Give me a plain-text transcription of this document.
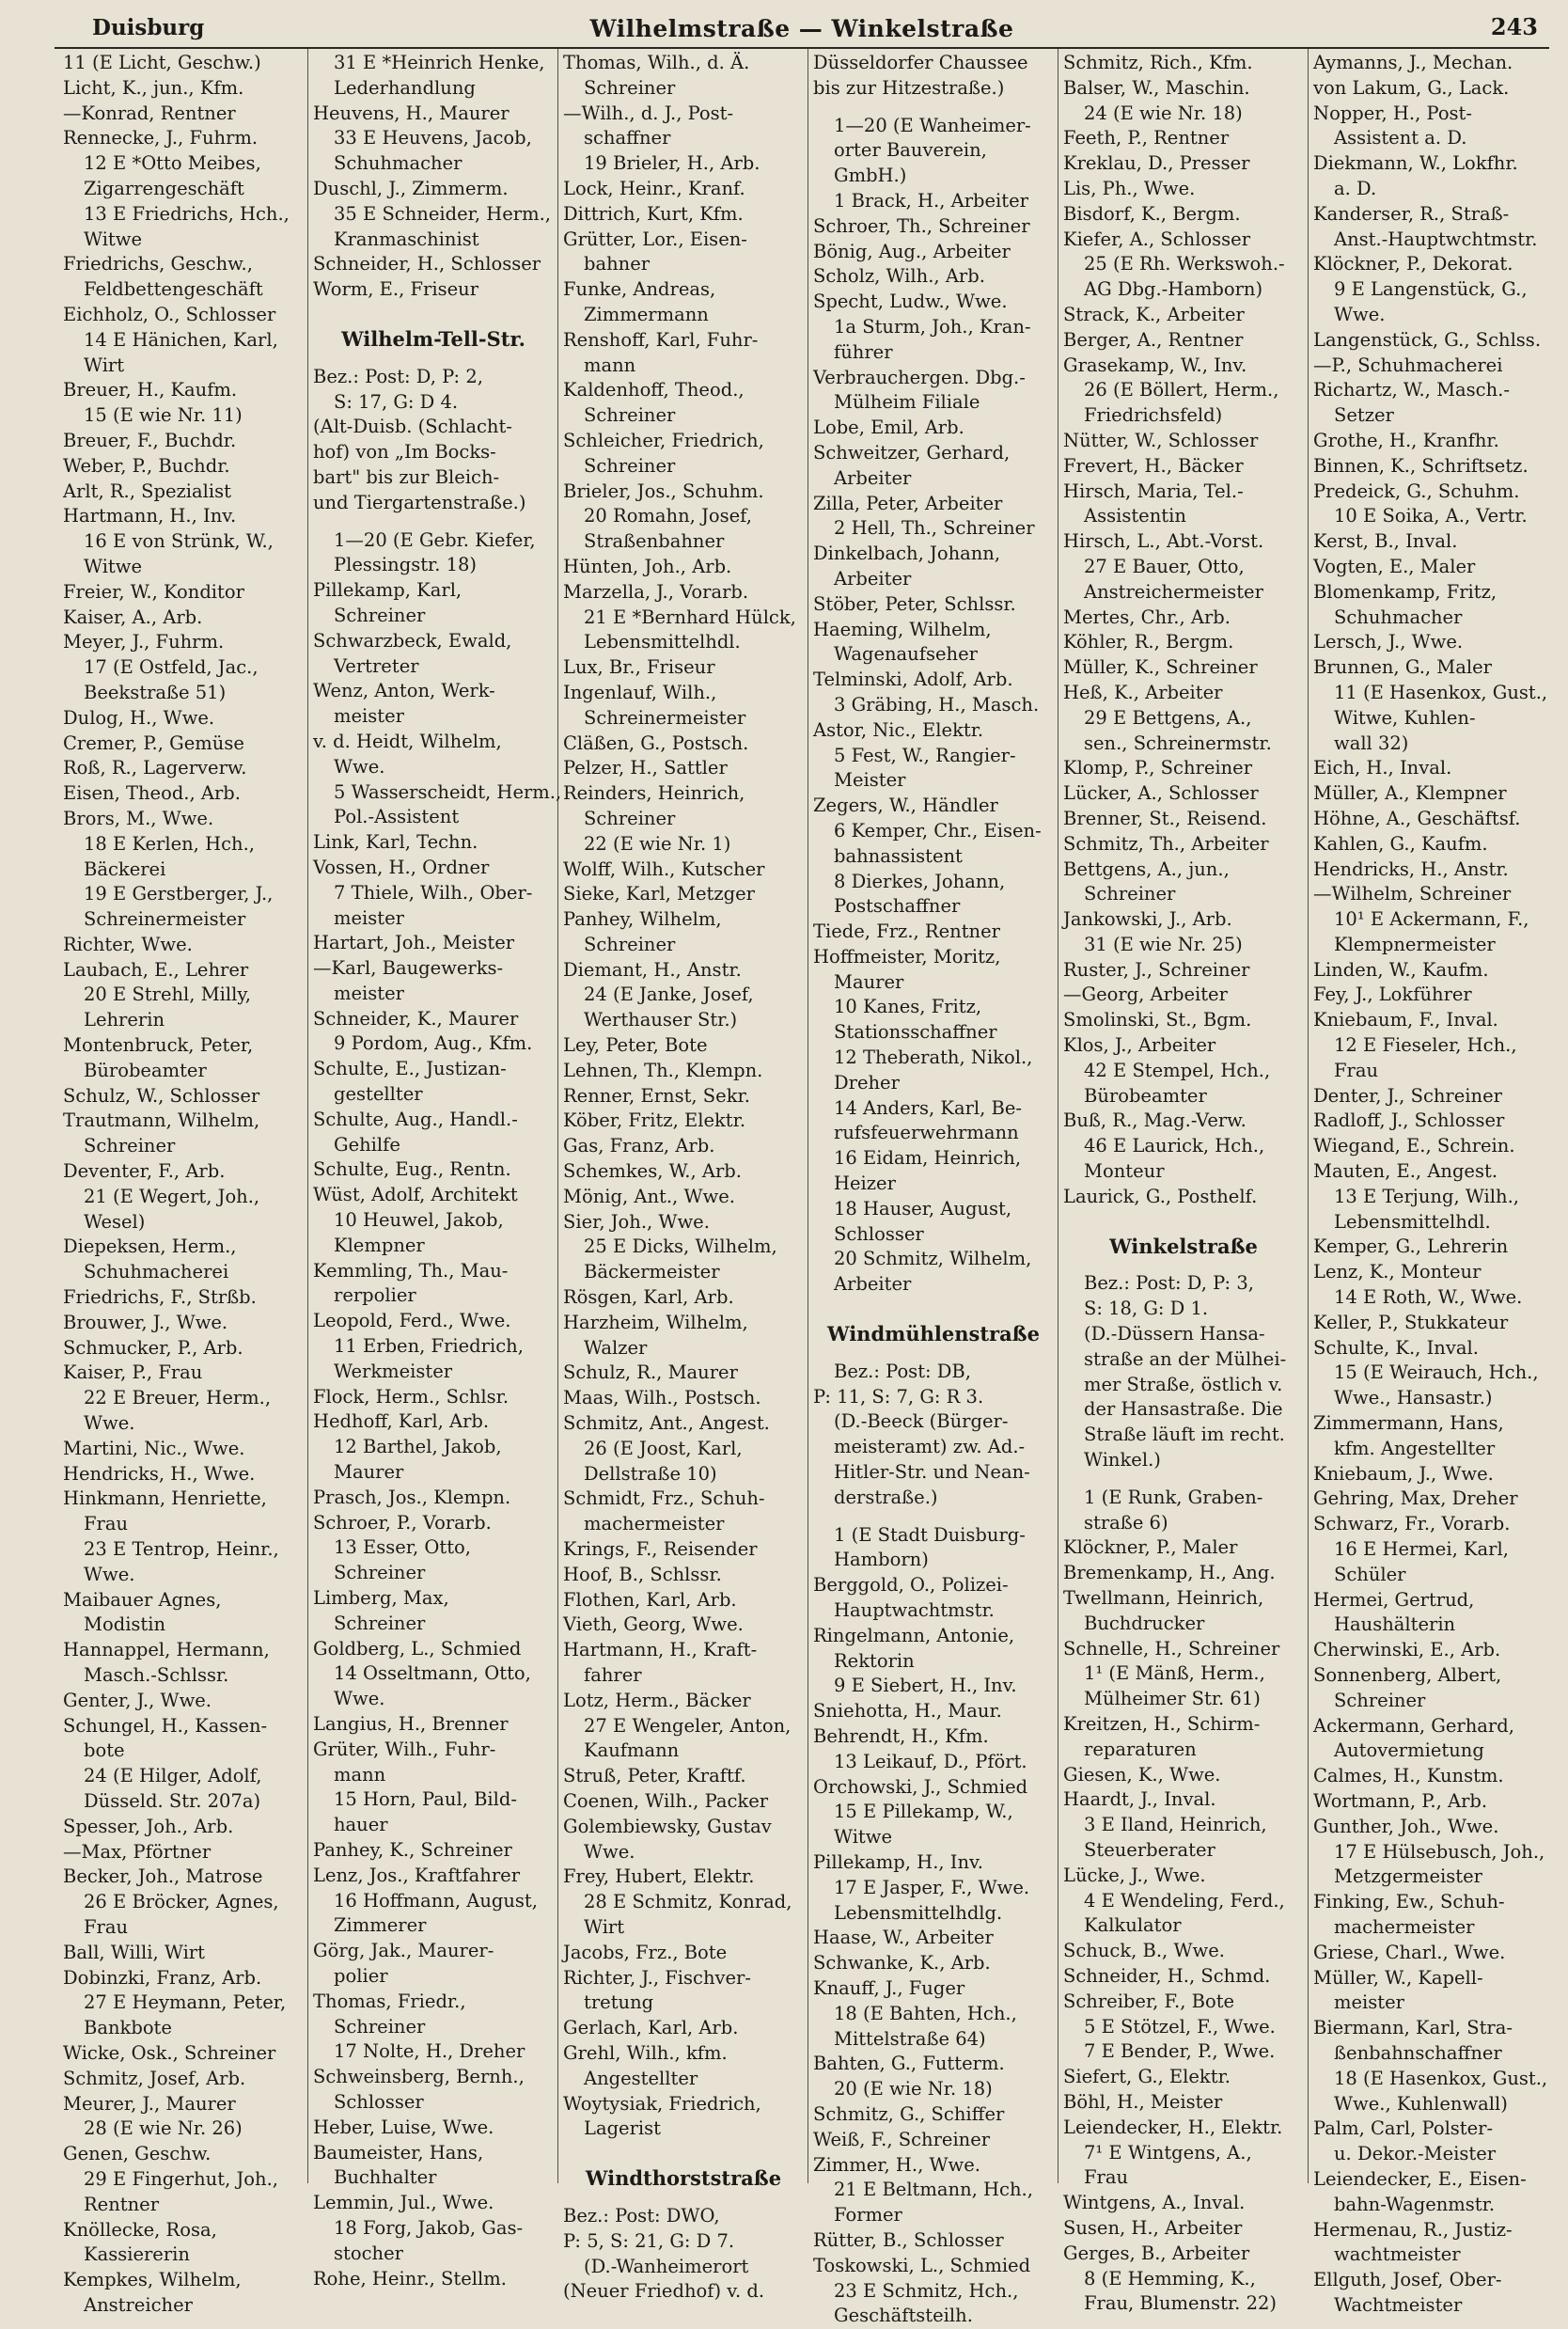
Duisburg	Wilhelmstraße — Winkelstraße	243
11 (E Licht, Geschw.)
Licht, K., jun., Kfm.
—Konrad, Rentner
Rennecke, J., Fuhrm.
12 E *Otto Meibes,
Zigarrengeschäft
13 E Friedrichs, Hch.,
Witwe
Friedrichs, Geschw.,
Feldbettengeschäft
Eichholz, O., Schlosser
14 E Hänichen, Karl,
Wirt
Breuer, H., Kaufm.
15 (E wie Nr. 11)
Breuer, F., Buchdr.
Weber, P., Buchdr.
Arlt, R., Spezialist
Hartmann, H., Inv.
16 E von Strünk, W.,
Witwe
Freier, W., Konditor
Kaiser, A., Arb.
Meyer, J., Fuhrm.
17 (E Ostfeld, Jac.,
Beekstraße 51)
Dulog, H., Wwe.
Cremer, P., Gemüse
Roß, R., Lagerverw.
Eisen, Theod., Arb.
Brors, M., Wwe.
18 E Kerlen, Hch.,
Bäckerei
19 E Gerstberger, J.,
Schreinermeister
Richter, Wwe.
Laubach, E., Lehrer
20 E Strehl, Milly,
Lehrerin
Montenbruck, Peter,
Bürobeamter
Schulz, W., Schlosser
Trautmann, Wilhelm,
Schreiner
Deventer, F., Arb.
21 (E Wegert, Joh.,
Wesel)
Diepeksen, Herm.,
Schuhmacherei
Friedrichs, F., Strßb.
Brouwer, J., Wwe.
Schmucker, P., Arb.
Kaiser, P., Frau
22 E Breuer, Herm.,
Wwe.
Martini, Nic., Wwe.
Hendricks, H., Wwe.
Hinkmann, Henriette,
Frau
23 E Tentrop, Heinr.,
Wwe.
Maibauer Agnes,
Modistin
Hannappel, Hermann,
Masch.-Schlssr.
Genter, J., Wwe.
Schungel, H., Kassen-
bote
24 (E Hilger, Adolf,
Düsseld. Str. 207a)
Spesser, Joh., Arb.
—Max, Pförtner
Becker, Joh., Matrose
26 E Bröcker, Agnes,
Frau
Ball, Willi, Wirt
Dobinzki, Franz, Arb.
27 E Heymann, Peter,
Bankbote
Wicke, Osk., Schreiner
Schmitz, Josef, Arb.
Meurer, J., Maurer
28 (E wie Nr. 26)
Genen, Geschw.
29 E Fingerhut, Joh.,
Rentner
Knöllecke, Rosa,
Kassiererin
Kempkes, Wilhelm,
Anstreicher
31 E *Heinrich Henke,
Lederhandlung
Heuvens, H., Maurer
33 E Heuvens, Jacob,
Schuhmacher
Duschl, J., Zimmerm.
35 E Schneider, Herm.,
Kranmaschinist
Schneider, H., Schlosser
Worm, E., Friseur
Wilhelm-Tell-Str.
Bez.: Post: D, P: 2,
S: 17, G: D 4.
(Alt-Duisb. (Schlacht-
hof) von „Im Bocks-
bart" bis zur Bleich-
und Tiergartenstraße.)
1—20 (E Gebr. Kiefer,
Plessingstr. 18)
Pillekamp, Karl,
Schreiner
Schwarzbeck, Ewald,
Vertreter
Wenz, Anton, Werk-
meister
v. d. Heidt, Wilhelm,
Wwe.
5 Wasserscheidt, Herm.,
Pol.-Assistent
Link, Karl, Techn.
Vossen, H., Ordner
7 Thiele, Wilh., Ober-
meister
Hartart, Joh., Meister
—Karl, Baugewerks-
meister
Schneider, K., Maurer
9 Pordom, Aug., Kfm.
Schulte, E., Justizan-
gestellter
Schulte, Aug., Handl.-
Gehilfe
Schulte, Eug., Rentn.
Wüst, Adolf, Architekt
10 Heuwel, Jakob,
Klempner
Kemmling, Th., Mau-
rerpolier
Leopold, Ferd., Wwe.
11 Erben, Friedrich,
Werkmeister
Flock, Herm., Schlsr.
Hedhoff, Karl, Arb.
12 Barthel, Jakob,
Maurer
Prasch, Jos., Klempn.
Schroer, P., Vorarb.
13 Esser, Otto,
Schreiner
Limberg, Max,
Schreiner
Goldberg, L., Schmied
14 Osseltmann, Otto,
Wwe.
Langius, H., Brenner
Grüter, Wilh., Fuhr-
mann
15 Horn, Paul, Bild-
hauer
Panhey, K., Schreiner
Lenz, Jos., Kraftfahrer
16 Hoffmann, August,
Zimmerer
Görg, Jak., Maurer-
polier
Thomas, Friedr.,
Schreiner
17 Nolte, H., Dreher
Schweinsberg, Bernh.,
Schlosser
Heber, Luise, Wwe.
Baumeister, Hans,
Buchhalter
Lemmin, Jul., Wwe.
18 Forg, Jakob, Gas-
stocher
Rohe, Heinr., Stellm.
Thomas, Wilh., d. Ä.
Schreiner
—Wilh., d. J., Post-
schaffner
19 Brieler, H., Arb.
Lock, Heinr., Kranf.
Dittrich, Kurt, Kfm.
Grütter, Lor., Eisen-
bahner
Funke, Andreas,
Zimmermann
Renshoff, Karl, Fuhr-
mann
Kaldenhoff, Theod.,
Schreiner
Schleicher, Friedrich,
Schreiner
Brieler, Jos., Schuhm.
20 Romahn, Josef,
Straßenbahner
Hünten, Joh., Arb.
Marzella, J., Vorarb.
21 E *Bernhard Hülck,
Lebensmittelhdl.
Lux, Br., Friseur
Ingenlauf, Wilh.,
Schreinermeister
Cläßen, G., Postsch.
Pelzer, H., Sattler
Reinders, Heinrich,
Schreiner
22 (E wie Nr. 1)
Wolff, Wilh., Kutscher
Sieke, Karl, Metzger
Panhey, Wilhelm,
Schreiner
Diemant, H., Anstr.
24 (E Janke, Josef,
Werthauser Str.)
Ley, Peter, Bote
Lehnen, Th., Klempn.
Renner, Ernst, Sekr.
Köber, Fritz, Elektr.
Gas, Franz, Arb.
Schemkes, W., Arb.
Mönig, Ant., Wwe.
Sier, Joh., Wwe.
25 E Dicks, Wilhelm,
Bäckermeister
Rösgen, Karl, Arb.
Harzheim, Wilhelm,
Walzer
Schulz, R., Maurer
Maas, Wilh., Postsch.
Schmitz, Ant., Angest.
26 (E Joost, Karl,
Dellstraße 10)
Schmidt, Frz., Schuh-
machermeister
Krings, F., Reisender
Hoof, B., Schlssr.
Flothen, Karl, Arb.
Vieth, Georg, Wwe.
Hartmann, H., Kraft-
fahrer
Lotz, Herm., Bäcker
27 E Wengeler, Anton,
Kaufmann
Struß, Peter, Kraftf.
Coenen, Wilh., Packer
Golembiewsky, Gustav
Wwe.
Frey, Hubert, Elektr.
28 E Schmitz, Konrad,
Wirt
Jacobs, Frz., Bote
Richter, J., Fischver-
tretung
Gerlach, Karl, Arb.
Grehl, Wilh., kfm.
Angestellter
Woytysiak, Friedrich,
Lagerist
Windthorststraße
Bez.: Post: DWO,
P: 5, S: 21, G: D 7.
(D.-Wanheimerort
(Neuer Friedhof) v. d.
Düsseldorfer Chaussee
bis zur Hitzestraße.)
1—20 (E Wanheimer-
orter Bauverein,
GmbH.)
1 Brack, H., Arbeiter
Schroer, Th., Schreiner
Bönig, Aug., Arbeiter
Scholz, Wilh., Arb.
Specht, Ludw., Wwe.
1a Sturm, Joh., Kran-
führer
Verbrauchergen. Dbg.-
Mülheim Filiale
Lobe, Emil, Arb.
Schweitzer, Gerhard,
Arbeiter
Zilla, Peter, Arbeiter
2 Hell, Th., Schreiner
Dinkelbach, Johann,
Arbeiter
Stöber, Peter, Schlssr.
Haeming, Wilhelm,
Wagenaufseher
Telminski, Adolf, Arb.
3 Gräbing, H., Masch.
Astor, Nic., Elektr.
5 Fest, W., Rangier-
Meister
Zegers, W., Händler
6 Kemper, Chr., Eisen-
bahnassistent
8 Dierkes, Johann,
Postschaffner
Tiede, Frz., Rentner
Hoffmeister, Moritz,
Maurer
10 Kanes, Fritz,
Stationsschaffner
12 Theberath, Nikol.,
Dreher
14 Anders, Karl, Be-
rufsfeuerwehrmann
16 Eidam, Heinrich,
Heizer
18 Hauser, August,
Schlosser
20 Schmitz, Wilhelm,
Arbeiter
Windmühlenstraße
Bez.: Post: DB,
P: 11, S: 7, G: R 3.
(D.-Beeck (Bürger-
meisteramt) zw. Ad.-
Hitler-Str. und Nean-
derstraße.)
1 (E Stadt Duisburg-
Hamborn)
Berggold, O., Polizei-
Hauptwachtmstr.
Ringelmann, Antonie,
Rektorin
9 E Siebert, H., Inv.
Sniehotta, H., Maur.
Behrendt, H., Kfm.
13 Leikauf, D., Pfört.
Orchowski, J., Schmied
15 E Pillekamp, W.,
Witwe
Pillekamp, H., Inv.
17 E Jasper, F., Wwe.
Lebensmittelhdlg.
Haase, W., Arbeiter
Schwanke, K., Arb.
Knauff, J., Fuger
18 (E Bahten, Hch.,
Mittelstraße 64)
Bahten, G., Futterm.
20 (E wie Nr. 18)
Schmitz, G., Schiffer
Weiß, F., Schreiner
Zimmer, H., Wwe.
21 E Beltmann, Hch.,
Former
Rütter, B., Schlosser
Toskowski, L., Schmied
23 E Schmitz, Hch.,
Geschäftsteilh.
Schmitz, Rich., Kfm.
Balser, W., Maschin.
24 (E wie Nr. 18)
Feeth, P., Rentner
Kreklau, D., Presser
Lis, Ph., Wwe.
Bisdorf, K., Bergm.
Kiefer, A., Schlosser
25 (E Rh. Werkswoh.-
AG Dbg.-Hamborn)
Strack, K., Arbeiter
Berger, A., Rentner
Grasekamp, W., Inv.
26 (E Böllert, Herm.,
Friedrichsfeld)
Nütter, W., Schlosser
Frevert, H., Bäcker
Hirsch, Maria, Tel.-
Assistentin
Hirsch, L., Abt.-Vorst.
27 E Bauer, Otto,
Anstreichermeister
Mertes, Chr., Arb.
Köhler, R., Bergm.
Müller, K., Schreiner
Heß, K., Arbeiter
29 E Bettgens, A.,
sen., Schreinermstr.
Klomp, P., Schreiner
Lücker, A., Schlosser
Brenner, St., Reisend.
Schmitz, Th., Arbeiter
Bettgens, A., jun.,
Schreiner
Jankowski, J., Arb.
31 (E wie Nr. 25)
Ruster, J., Schreiner
—Georg, Arbeiter
Smolinski, St., Bgm.
Klos, J., Arbeiter
42 E Stempel, Hch.,
Bürobeamter
Buß, R., Mag.-Verw.
46 E Laurick, Hch.,
Monteur
Laurick, G., Posthelf.
Winkelstraße
Bez.: Post: D, P: 3,
S: 18, G: D 1.
(D.-Düssern Hansa-
straße an der Mülhei-
mer Straße, östlich v.
der Hansastraße. Die
Straße läuft im recht.
Winkel.)
1 (E Runk, Graben-
straße 6)
Klöckner, P., Maler
Bremenkamp, H., Ang.
Twellmann, Heinrich,
Buchdrucker
Schnelle, H., Schreiner
1¹ (E Mänß, Herm.,
Mülheimer Str. 61)
Kreitzen, H., Schirm-
reparaturen
Giesen, K., Wwe.
Haardt, J., Inval.
3 E Iland, Heinrich,
Steuerberater
Lücke, J., Wwe.
4 E Wendeling, Ferd.,
Kalkulator
Schuck, B., Wwe.
Schneider, H., Schmd.
Schreiber, F., Bote
5 E Stötzel, F., Wwe.
7 E Bender, P., Wwe.
Siefert, G., Elektr.
Böhl, H., Meister
Leiendecker, H., Elektr.
7¹ E Wintgens, A.,
Frau
Wintgens, A., Inval.
Susen, H., Arbeiter
Gerges, B., Arbeiter
8 (E Hemming, K.,
Frau, Blumenstr. 22)
Aymanns, J., Mechan.
von Lakum, G., Lack.
Nopper, H., Post-
Assistent a. D.
Diekmann, W., Lokfhr.
a. D.
Kanderser, R., Straß-
Anst.-Hauptwchtmstr.
Klöckner, P., Dekorat.
9 E Langenstück, G.,
Wwe.
Langenstück, G., Schlss.
—P., Schuhmacherei
Richartz, W., Masch.-
Setzer
Grothe, H., Kranfhr.
Binnen, K., Schriftsetz.
Predeick, G., Schuhm.
10 E Soika, A., Vertr.
Kerst, B., Inval.
Vogten, E., Maler
Blomenkamp, Fritz,
Schuhmacher
Lersch, J., Wwe.
Brunnen, G., Maler
11 (E Hasenkox, Gust.,
Witwe, Kuhlen-
wall 32)
Eich, H., Inval.
Müller, A., Klempner
Höhne, A., Geschäftsf.
Kahlen, G., Kaufm.
Hendricks, H., Anstr.
—Wilhelm, Schreiner
10¹ E Ackermann, F.,
Klempnermeister
Linden, W., Kaufm.
Fey, J., Lokführer
Kniebaum, F., Inval.
12 E Fieseler, Hch.,
Frau
Denter, J., Schreiner
Radloff, J., Schlosser
Wiegand, E., Schrein.
Mauten, E., Angest.
13 E Terjung, Wilh.,
Lebensmittelhdl.
Kemper, G., Lehrerin
Lenz, K., Monteur
14 E Roth, W., Wwe.
Keller, P., Stukkateur
Schulte, K., Inval.
15 (E Weirauch, Hch.,
Wwe., Hansastr.)
Zimmermann, Hans,
kfm. Angestellter
Kniebaum, J., Wwe.
Gehring, Max, Dreher
Schwarz, Fr., Vorarb.
16 E Hermei, Karl,
Schüler
Hermei, Gertrud,
Haushälterin
Cherwinski, E., Arb.
Sonnenberg, Albert,
Schreiner
Ackermann, Gerhard,
Autovermietung
Calmes, H., Kunstm.
Wortmann, P., Arb.
Gunther, Joh., Wwe.
17 E Hülsebusch, Joh.,
Metzgermeister
Finking, Ew., Schuh-
machermeister
Griese, Charl., Wwe.
Müller, W., Kapell-
meister
Biermann, Karl, Stra-
ßenbahnschaffner
18 (E Hasenkox, Gust.,
Wwe., Kuhlenwall)
Palm, Carl, Polster-
u. Dekor.-Meister
Leiendecker, E., Eisen-
bahn-Wagenmstr.
Hermenau, R., Justiz-
wachtmeister
Ellguth, Josef, Ober-
Wachtmeister
